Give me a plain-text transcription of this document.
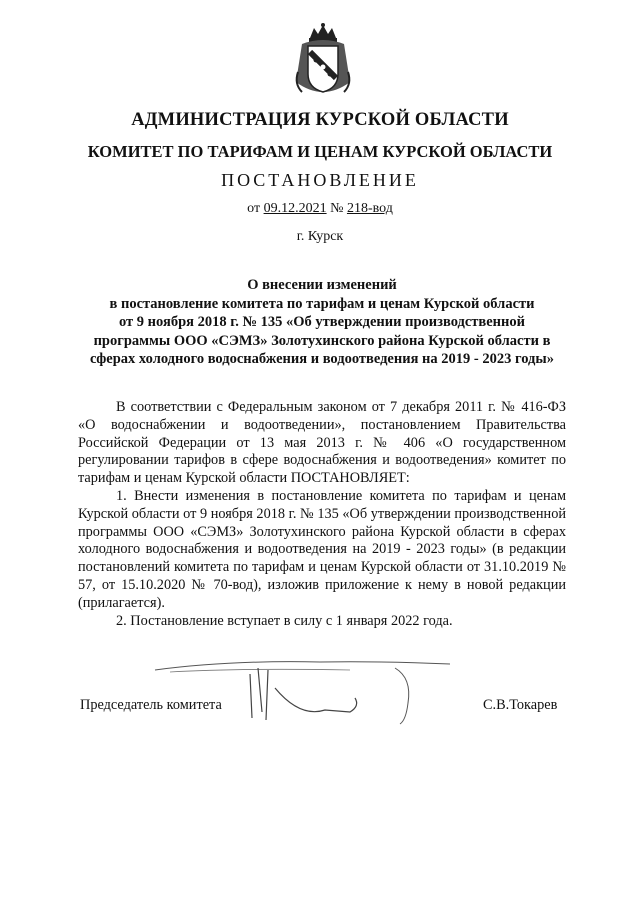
АДМИНИСТРАЦИЯ КУРСКОЙ ОБЛАСТИ
КОМИТЕТ ПО ТАРИФАМ И ЦЕНАМ КУРСКОЙ ОБЛАСТИ
ПОСТАНОВЛЕНИЕ
от 09.12.2021 № 218-вод
г. Курск
О внесении изменений
в постановление комитета по тарифам и ценам Курской области
от 9 ноября 2018 г. № 135 «Об утверждении производственной
программы ООО «СЭМЗ» Золотухинского района Курской области в
сферах холодного водоснабжения и водоотведения на 2019 - 2023 годы»

В соответствии с Федеральным законом от 7 декабря 2011 г. № 416-ФЗ «О водоснабжении и водоотведении», постановлением Правительства Российской Федерации от 13 мая 2013 г. № 406 «О государственном регулировании тарифов в сфере водоснабжения и водоотведения» комитет по тарифам и ценам Курской области ПОСТАНОВЛЯЕТ:

1. Внести изменения в постановление комитета по тарифам и ценам Курской области от 9 ноября 2018 г. № 135 «Об утверждении производственной программы ООО «СЭМЗ» Золотухинского района Курской области в сферах холодного водоснабжения и водоотведения на 2019 - 2023 годы» (в редакции постановлений комитета по тарифам и ценам Курской области от 31.10.2019 № 57, от 15.10.2020 № 70-вод), изложив приложение к нему в новой редакции (прилагается).

2. Постановление вступает в силу с 1 января 2022 года.

Председатель комитета	С.В.Токарев
